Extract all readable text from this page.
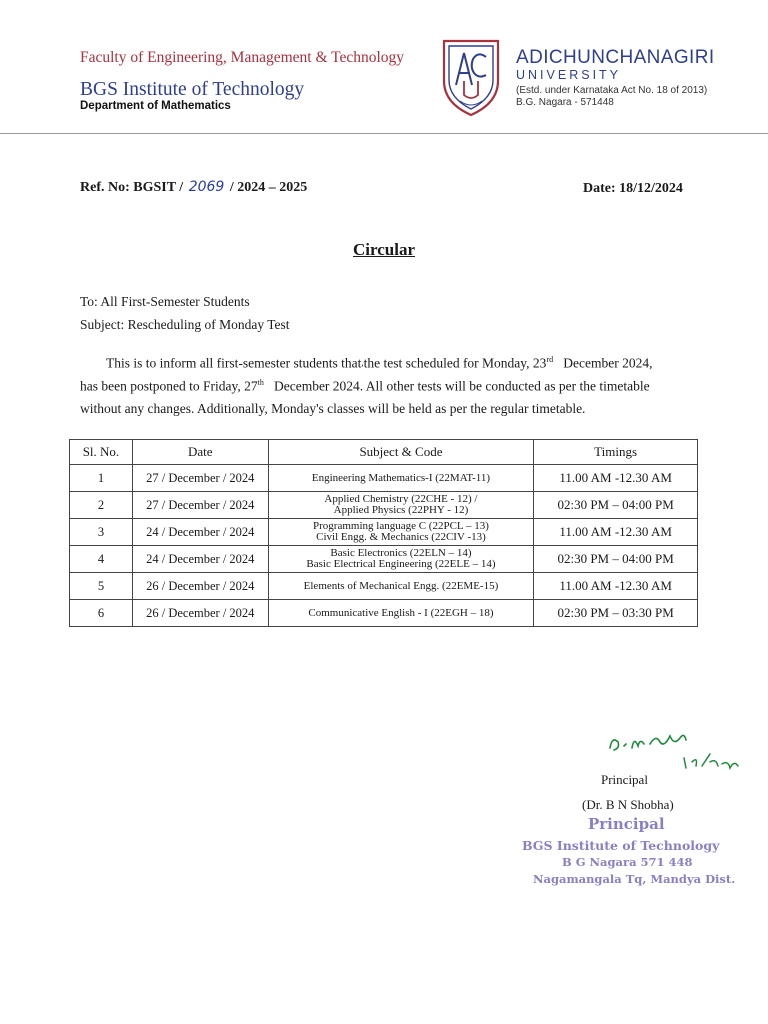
Faculty of Engineering, Management & Technology
BGS Institute of Technology
Department of Mathematics
ADICHUNCHANAGIRI
UNIVERSITY
(Estd. under Karnataka Act No. 18 of 2013)
B.G. Nagara - 571448
Ref. No: BGSIT / 2069 / 2024 – 2025	Date: 18/12/2024
Circular
To: All First-Semester Students
Subject: Rescheduling of Monday Test
This is to inform all first-semester students that,the test scheduled for Monday, 23rd December 2024,
has been postponed to Friday, 27th December 2024. All other tests will be conducted as per the timetable
without any changes. Additionally, Monday's classes will be held as per the regular timetable.
Sl. No.	Date	Subject & Code	Timings
1	27 / December / 2024	Engineering Mathematics-I (22MAT-11)	11.00 AM -12.30 AM
2	27 / December / 2024	Applied Chemistry (22CHE - 12) /
Applied Physics (22PHY - 12)	02:30 PM – 04:00 PM
3	24 / December / 2024	Programming language C (22PCL – 13)
Civil Engg. & Mechanics (22CIV -13)	11.00 AM -12.30 AM
4	24 / December / 2024	Basic Electronics (22ELN – 14)
Basic Electrical Engineering (22ELE – 14)	02:30 PM – 04:00 PM
5	26 / December / 2024	Elements of Mechanical Engg. (22EME-15)	11.00 AM -12.30 AM
6	26 / December / 2024	Communicative English - I (22EGH – 18)	02:30 PM – 03:30 PM
Principal
(Dr. B N Shobha)
Principal
BGS Institute of Technology
B G Nagara 571 448
Nagamangala Tq, Mandya Dist.
